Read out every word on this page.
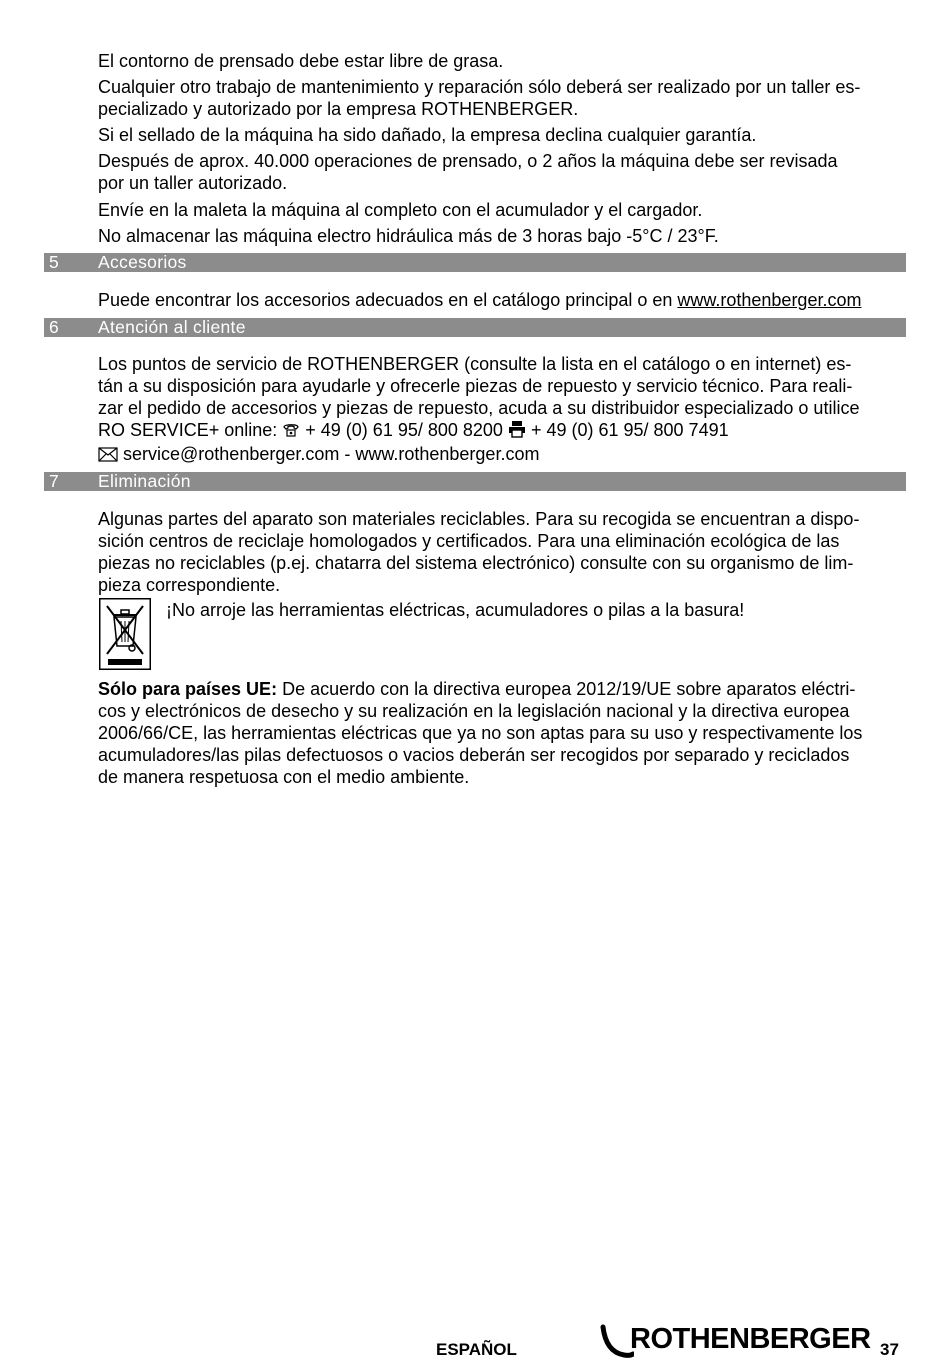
El contorno de prensado debe estar libre de grasa.

Cualquier otro trabajo de mantenimiento y reparación sólo deberá ser realizado por un taller es-
pecializado y autorizado por la empresa ROTHENBERGER.

Si el sellado de la máquina ha sido dañado, la empresa declina cualquier garantía.

Después de aprox. 40.000 operaciones de prensado, o 2 años la máquina debe ser revisada
por un taller autorizado.

Envíe en la maleta la máquina al completo con el acumulador y el cargador.

No almacenar las máquina electro hidráulica más de 3 horas bajo -5°C / 23°F.

5 Accesorios

Puede encontrar los accesorios adecuados en el catálogo principal o en www.rothenberger.com

6 Atención al cliente
Los puntos de servicio de ROTHENBERGER (consulte la lista en el catálogo o en internet) es-
tán a su disposición para ayudarle y ofrecerle piezas de repuesto y servicio técnico. Para reali-
zar el pedido de accesorios y piezas de repuesto, acuda a su distribuidor especializado o utilice
RO SERVICE+ online:  + 49 (0) 61 95/ 800 8200  + 49 (0) 61 95/ 800 7491
service@rothenberger.com - www.rothenberger.com
7 Eliminación
Algunas partes del aparato son materiales reciclables. Para su recogida se encuentran a dispo-
sición centros de reciclaje homologados y certificados. Para una eliminación ecológica de las
piezas no reciclables (p.ej. chatarra del sistema electrónico) consulte con su organismo de lim-
pieza correspondiente.

¡No arroje las herramientas eléctricas, acumuladores o pilas a la basura!

Sólo para países UE: De acuerdo con la directiva europea 2012/19/UE sobre aparatos eléctri-
cos y electrónicos de desecho y su realización en la legislación nacional y la directiva europea
2006/66/CE, las herramientas eléctricas que ya no son aptas para su uso y respectivamente los
acumuladores/las pilas defectuosos o vacios deberán ser recogidos por separado y reciclados
de manera respetuosa con el medio ambiente.
ESPAÑOL	ROTHENBERGER 37
